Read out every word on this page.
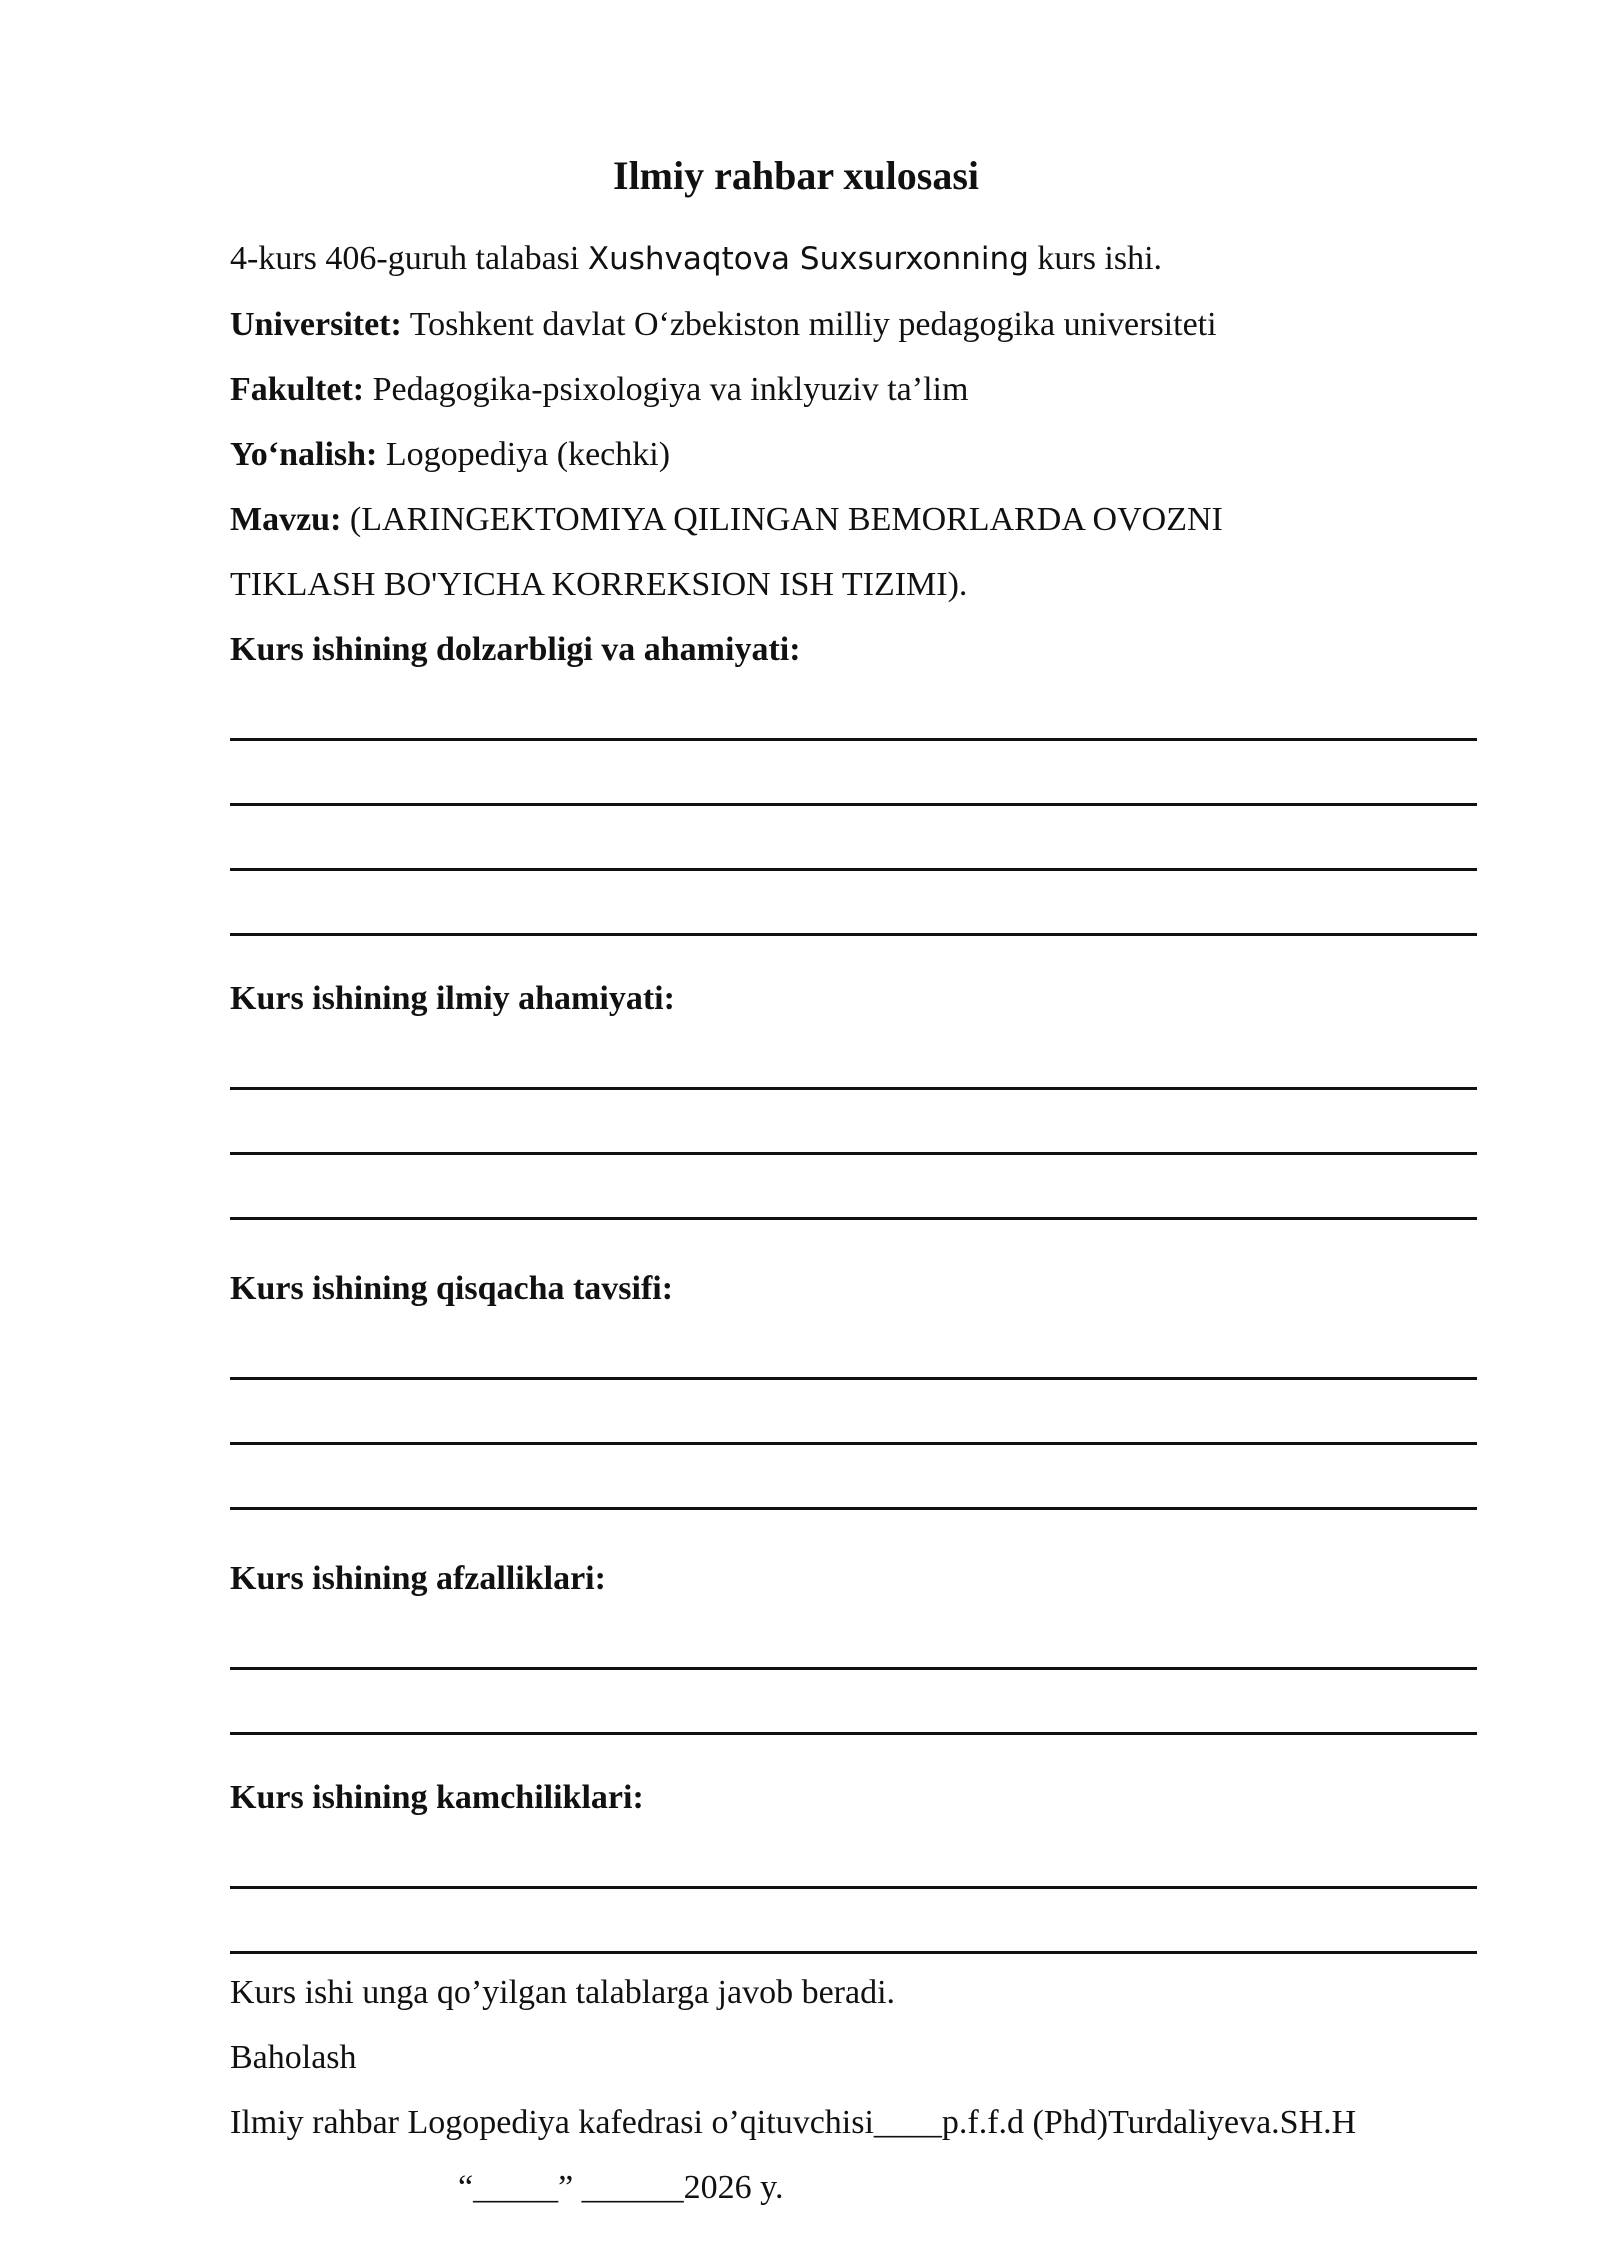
Ilmiy rahbar xulosasi
4-kurs 406-guruh talabasi Xushvaqtova Suxsurxonning kurs ishi.
Universitet: Toshkent davlat O‘zbekiston milliy pedagogika universiteti
Fakultet: Pedagogika-psixologiya va inklyuziv ta’lim
Yo‘nalish: Logopediya (kechki)
Mavzu: (LARINGEKTOMIYA QILINGAN BEMORLARDA OVOZNI
TIKLASH BO'YICHA KORREKSION ISH TIZIMI).
Kurs ishining dolzarbligi va ahamiyati:
Kurs ishining ilmiy ahamiyati:
Kurs ishining qisqacha tavsifi:
Kurs ishining afzalliklari:
Kurs ishining kamchiliklari:
Kurs ishi unga qo’yilgan talablarga javob beradi.
Baholash
Ilmiy rahbar Logopediya kafedrasi o’qituvchisi____p.f.f.d (Phd)Turdaliyeva.SH.H
“_____” ______2026 y.
